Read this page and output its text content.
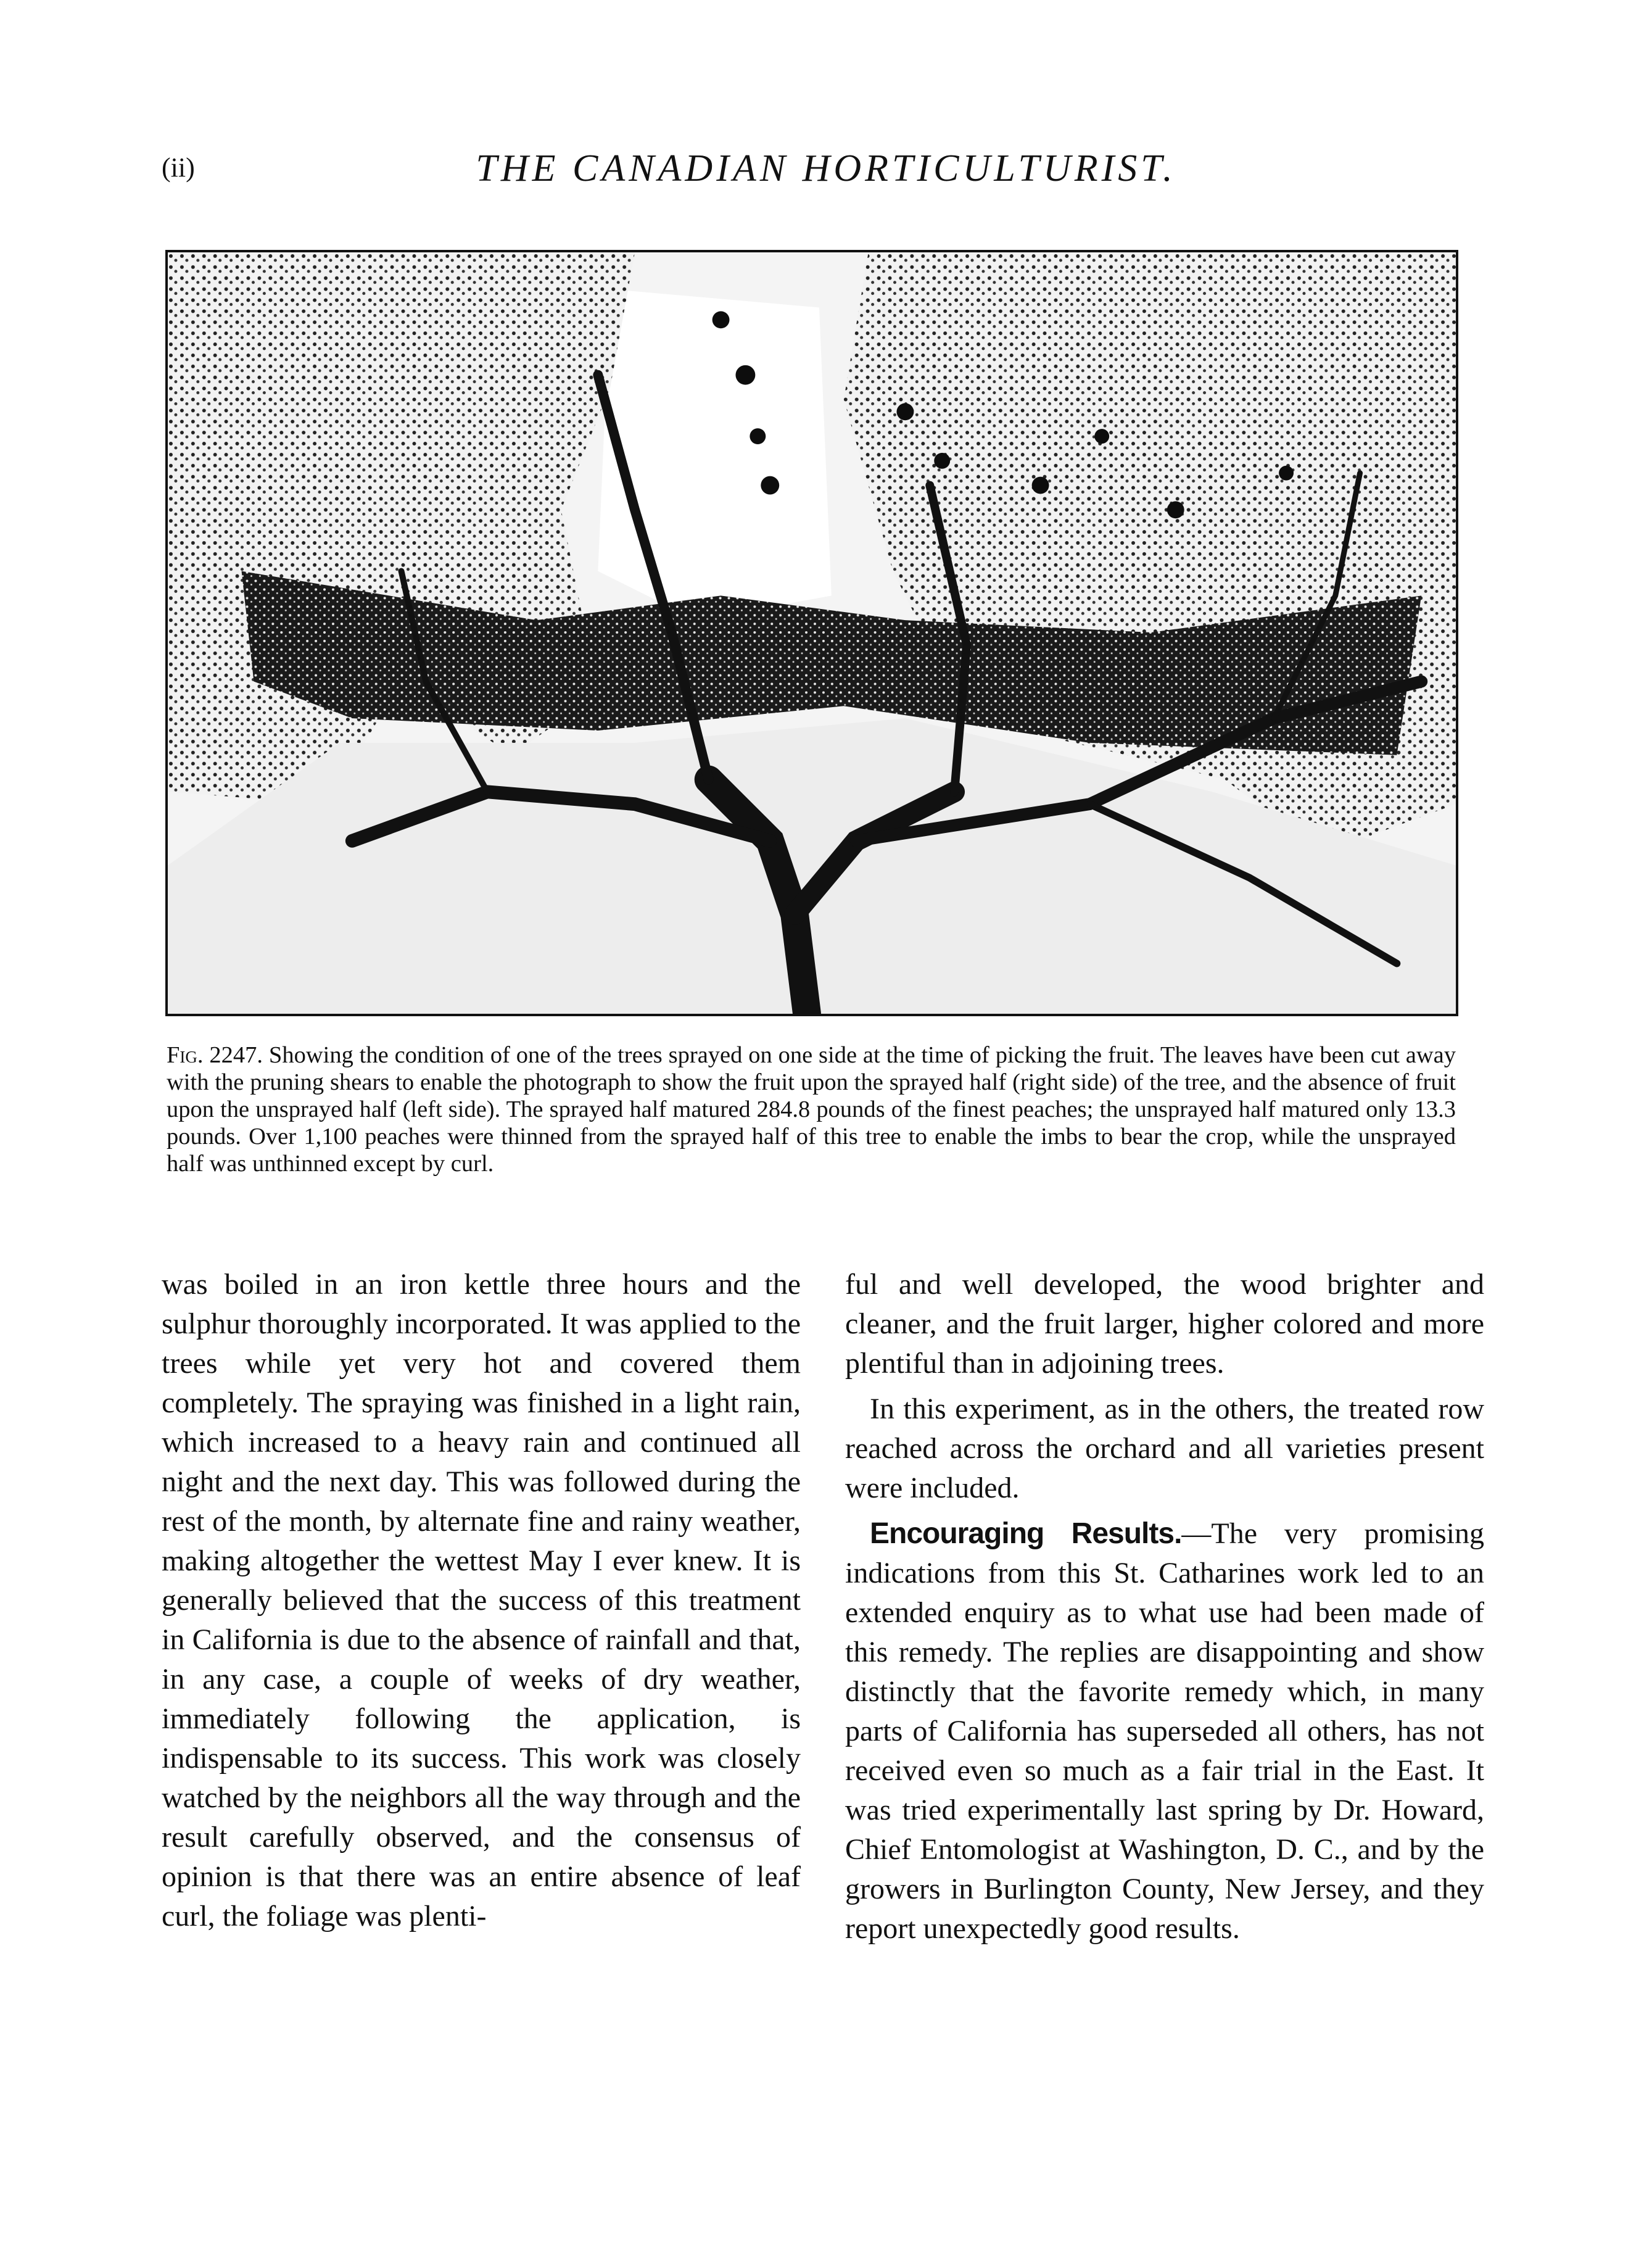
(ii)	THE CANADIAN HORTICULTURIST.
Fig. 2247. Showing the condition of one of the trees sprayed on one side at the time of picking the fruit. The leaves have been cut away with the pruning shears to enable the photograph to show the fruit upon the sprayed half (right side) of the tree, and the absence of fruit upon the unsprayed half (left side). The sprayed half matured 284.8 pounds of the finest peaches; the unsprayed half matured only 13.3 pounds. Over 1,100 peaches were thinned from the sprayed half of this tree to enable the imbs to bear the crop, while the unsprayed half was unthinned except by curl.

was boiled in an iron kettle three hours and the sulphur thoroughly incorporated. It was applied to the trees while yet very hot and covered them completely. The spraying was finished in a light rain, which increased to a heavy rain and continued all night and the next day. This was followed during the rest of the month, by alternate fine and rainy weather, making altogether the wettest May I ever knew. It is generally believed that the success of this treatment in California is due to the absence of rainfall and that, in any case, a couple of weeks of dry weather, immediately following the application, is indispensable to its success. This work was closely watched by the neighbors all the way through and the result carefully observed, and the consensus of opinion is that there was an entire absence of leaf curl, the foliage was plenti-

ful and well developed, the wood brighter and cleaner, and the fruit larger, higher colored and more plentiful than in adjoining trees.

In this experiment, as in the others, the treated row reached across the orchard and all varieties present were included.

Encouraging Results.—The very promising indications from this St. Catharines work led to an extended enquiry as to what use had been made of this remedy. The replies are disappointing and show distinctly that the favorite remedy which, in many parts of California has superseded all others, has not received even so much as a fair trial in the East. It was tried experimentally last spring by Dr. Howard, Chief Entomologist at Washington, D. C., and by the growers in Burlington County, New Jersey, and they report unexpectedly good results.
